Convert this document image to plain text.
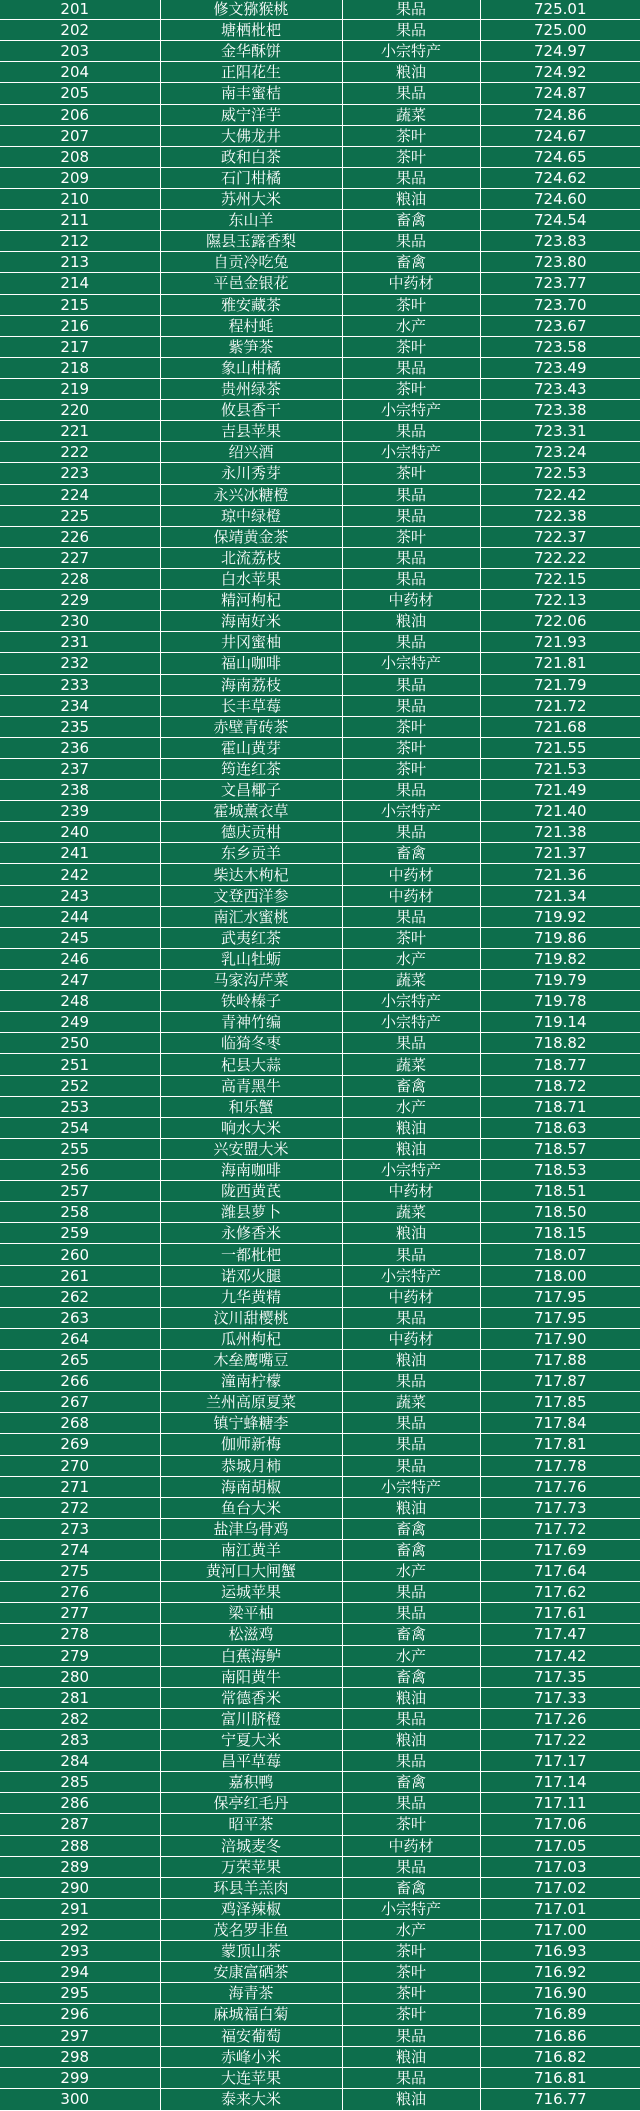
201	修文猕猴桃	果品	725.01
202	塘栖枇杷	果品	725.00
203	金华酥饼	小宗特产	724.97
204	正阳花生	粮油	724.92
205	南丰蜜桔	果品	724.87
206	威宁洋芋	蔬菜	724.86
207	大佛龙井	茶叶	724.67
208	政和白茶	茶叶	724.65
209	石门柑橘	果品	724.62
210	苏州大米	粮油	724.60
211	东山羊	畜禽	724.54
212	隰县玉露香梨	果品	723.83
213	自贡冷吃兔	畜禽	723.80
214	平邑金银花	中药材	723.77
215	雅安藏茶	茶叶	723.70
216	程村蚝	水产	723.67
217	紫笋茶	茶叶	723.58
218	象山柑橘	果品	723.49
219	贵州绿茶	茶叶	723.43
220	攸县香干	小宗特产	723.38
221	吉县苹果	果品	723.31
222	绍兴酒	小宗特产	723.24
223	永川秀芽	茶叶	722.53
224	永兴冰糖橙	果品	722.42
225	琼中绿橙	果品	722.38
226	保靖黄金茶	茶叶	722.37
227	北流荔枝	果品	722.22
228	白水苹果	果品	722.15
229	精河枸杞	中药材	722.13
230	海南好米	粮油	722.06
231	井冈蜜柚	果品	721.93
232	福山咖啡	小宗特产	721.81
233	海南荔枝	果品	721.79
234	长丰草莓	果品	721.72
235	赤壁青砖茶	茶叶	721.68
236	霍山黄芽	茶叶	721.55
237	筠连红茶	茶叶	721.53
238	文昌椰子	果品	721.49
239	霍城薰衣草	小宗特产	721.40
240	德庆贡柑	果品	721.38
241	东乡贡羊	畜禽	721.37
242	柴达木枸杞	中药材	721.36
243	文登西洋参	中药材	721.34
244	南汇水蜜桃	果品	719.92
245	武夷红茶	茶叶	719.86
246	乳山牡蛎	水产	719.82
247	马家沟芹菜	蔬菜	719.79
248	铁岭榛子	小宗特产	719.78
249	青神竹编	小宗特产	719.14
250	临猗冬枣	果品	718.82
251	杞县大蒜	蔬菜	718.77
252	高青黑牛	畜禽	718.72
253	和乐蟹	水产	718.71
254	响水大米	粮油	718.63
255	兴安盟大米	粮油	718.57
256	海南咖啡	小宗特产	718.53
257	陇西黄芪	中药材	718.51
258	潍县萝卜	蔬菜	718.50
259	永修香米	粮油	718.15
260	一都枇杷	果品	718.07
261	诺邓火腿	小宗特产	718.00
262	九华黄精	中药材	717.95
263	汶川甜樱桃	果品	717.95
264	瓜州枸杞	中药材	717.90
265	木垒鹰嘴豆	粮油	717.88
266	潼南柠檬	果品	717.87
267	兰州高原夏菜	蔬菜	717.85
268	镇宁蜂糖李	果品	717.84
269	伽师新梅	果品	717.81
270	恭城月柿	果品	717.78
271	海南胡椒	小宗特产	717.76
272	鱼台大米	粮油	717.73
273	盐津乌骨鸡	畜禽	717.72
274	南江黄羊	畜禽	717.69
275	黄河口大闸蟹	水产	717.64
276	运城苹果	果品	717.62
277	梁平柚	果品	717.61
278	松滋鸡	畜禽	717.47
279	白蕉海鲈	水产	717.42
280	南阳黄牛	畜禽	717.35
281	常德香米	粮油	717.33
282	富川脐橙	果品	717.26
283	宁夏大米	粮油	717.22
284	昌平草莓	果品	717.17
285	嘉积鸭	畜禽	717.14
286	保亭红毛丹	果品	717.11
287	昭平茶	茶叶	717.06
288	涪城麦冬	中药材	717.05
289	万荣苹果	果品	717.03
290	环县羊羔肉	畜禽	717.02
291	鸡泽辣椒	小宗特产	717.01
292	茂名罗非鱼	水产	717.00
293	蒙顶山茶	茶叶	716.93
294	安康富硒茶	茶叶	716.92
295	海青茶	茶叶	716.90
296	麻城福白菊	茶叶	716.89
297	福安葡萄	果品	716.86
298	赤峰小米	粮油	716.82
299	大连苹果	果品	716.81
300	泰来大米	粮油	716.77
